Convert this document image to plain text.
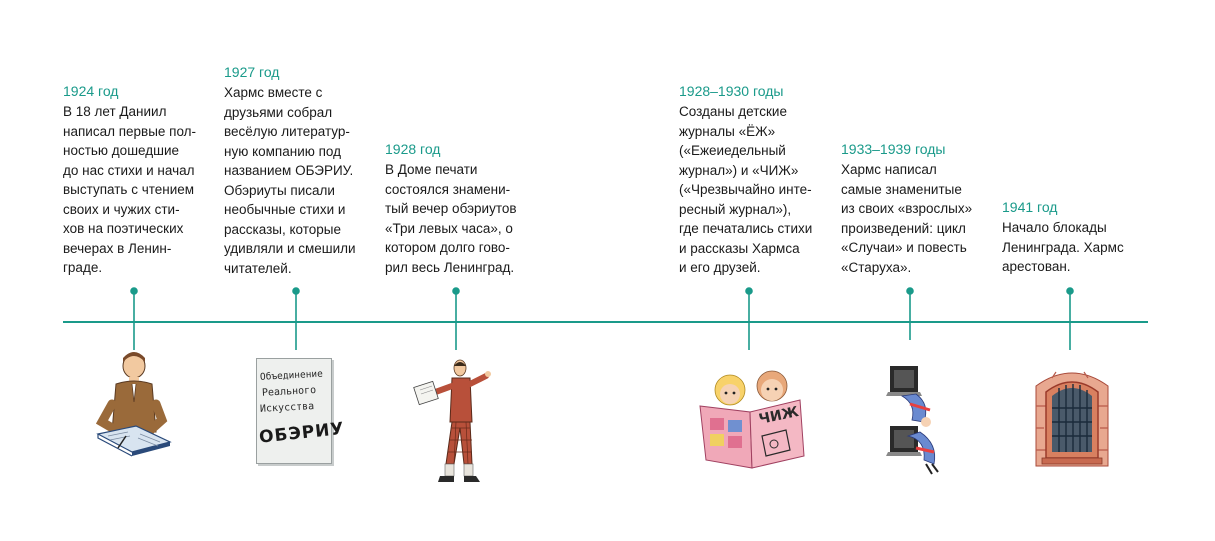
1924 год
В 18 лет Даниил
написал первые пол-
ностью дошедшие
до нас стихи и начал
выступать с чтением
своих и чужих сти-
хов на поэтических
вечерах в Ленин-
граде.
1927 год
Хармс вместе с
друзьями собрал
весёлую литератур-
ную компанию под
названием ОБЭРИУ.
Обэриуты писали
необычные стихи и
рассказы, которые
удивляли и смешили
читателей.
1928 год
В Доме печати
состоялся знамени-
тый вечер обэриутов
«Три левых часа», о
котором долго гово-
рил весь Ленинград.
1928–1930 годы
Созданы детские
журналы «ЁЖ»
(«Ежеиедельный
журнал») и «ЧИЖ»
(«Чрезвычайно инте-
ресный журнал»),
где печатались стихи
и рассказы Хармса
и его друзей.
1933–1939 годы
Хармс написал
самые знаменитые
из своих «взрослых»
произведений: цикл
«Случаи» и повесть
«Старуха».
1941 год
Начало блокады
Ленинграда. Хармс
арестован.
Объединение
Реального
Искусства
ОБЭРИУ
ЧИЖ
